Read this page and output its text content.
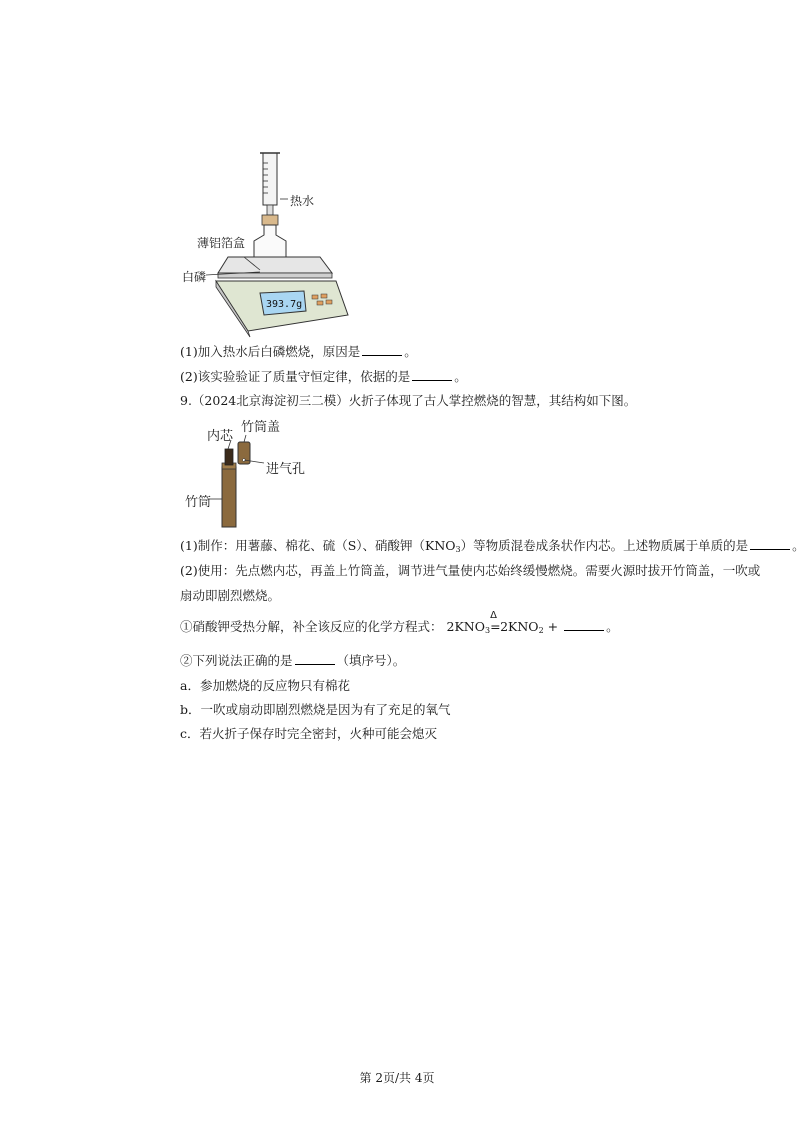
393.7g
热水
薄铝箔盒
白磷
(1)加入热水后白磷燃烧，原因是	。
(2)该实验验证了质量守恒定律，依据的是	。
9.（2024北京海淀初三二模）火折子体现了古人掌控燃烧的智慧，其结构如下图。
内芯
竹筒盖
进气孔
竹筒
(1)制作：用薯藤、棉花、硫（S）、硝酸钾$(KNO_3)$等物质混卷成条状作内芯。上述物质属于单质的是	。
(2)使用：先点燃内芯，再盖上竹筒盖，调节进气量使内芯始终缓慢燃烧。需要火源时拔开竹筒盖，一吹或
扇动即剧烈燃烧。
①硝酸钾受热分解，补全该反应的化学方程式： $2KNO_3$
Δ
$=2KNO_2$ +	。
②下列说法正确的是	（填序号）。
a．参加燃烧的反应物只有棉花
b．一吹或扇动即剧烈燃烧是因为有了充足的氧气
c．若火折子保存时完全密封，火种可能会熄灭
第 2页/共 4页
